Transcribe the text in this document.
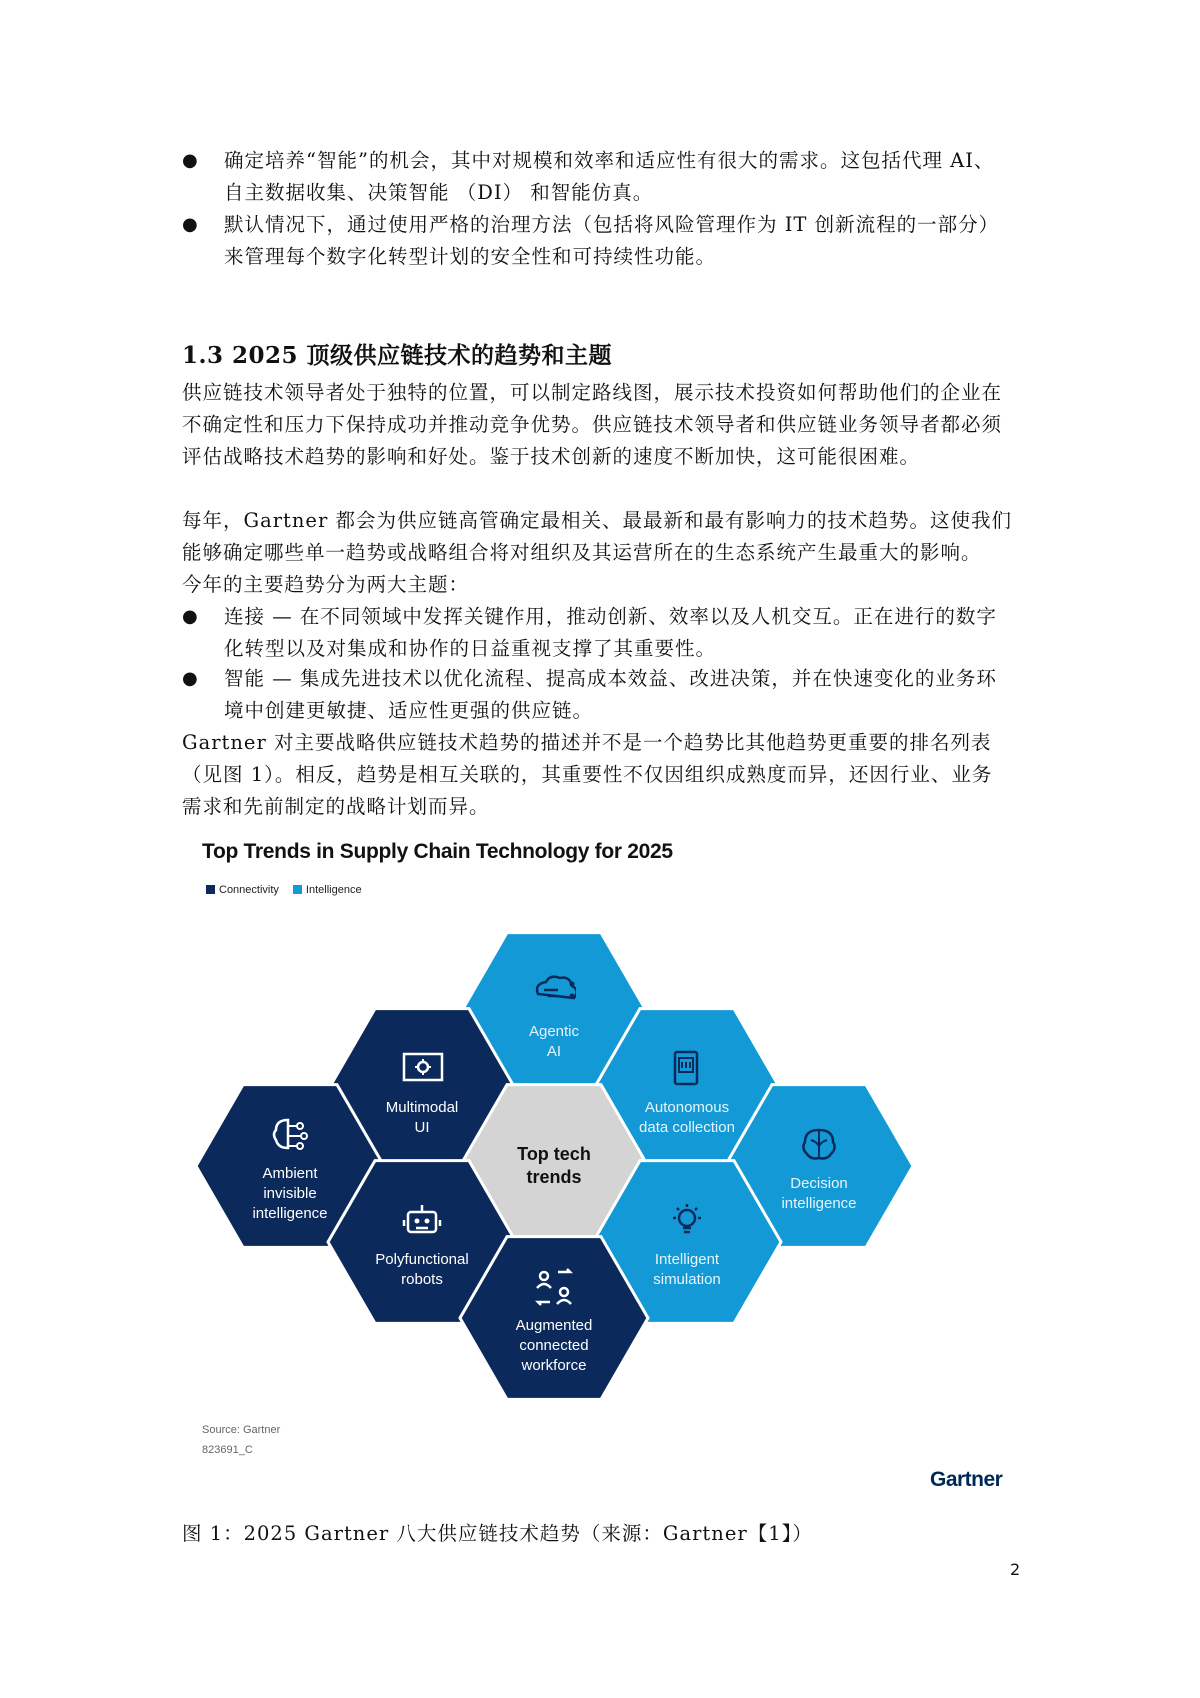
● 确定培养“智能”的机会，其中对规模和效率和适应性有很大的需求。这包括代理 AI、
自主数据收集、决策智能 （DI） 和智能仿真。
● 默认情况下，通过使用严格的治理方法（包括将风险管理作为 IT 创新流程的一部分）
来管理每个数字化转型计划的安全性和可持续性功能。
1.3 2025 顶级供应链技术的趋势和主题
供应链技术领导者处于独特的位置，可以制定路线图，展示技术投资如何帮助他们的企业在
不确定性和压力下保持成功并推动竞争优势。供应链技术领导者和供应链业务领导者都必须
评估战略技术趋势的影响和好处。鉴于技术创新的速度不断加快，这可能很困难。
每年，Gartner 都会为供应链高管确定最相关、最最新和最有影响力的技术趋势。这使我们
能够确定哪些单一趋势或战略组合将对组织及其运营所在的生态系统产生最重大的影响。
今年的主要趋势分为两大主题：
● 连接 — 在不同领域中发挥关键作用，推动创新、效率以及人机交互。正在进行的数字
化转型以及对集成和协作的日益重视支撑了其重要性。
● 智能 — 集成先进技术以优化流程、提高成本效益、改进决策，并在快速变化的业务环
境中创建更敏捷、适应性更强的供应链。
Gartner 对主要战略供应链技术趋势的描述并不是一个趋势比其他趋势更重要的排名列表
（见图 1）。相反，趋势是相互关联的，其重要性不仅因组织成熟度而异，还因行业、业务
需求和先前制定的战略计划而异。
Top Trends in Supply Chain Technology for 2025
Connectivity	Intelligence
Agentic
AI
Multimodal
UI
Autonomous
data collection
Ambient
invisible
intelligence
Top tech
trends	Decision
intelligence
Polyfunctional
robots
Intelligent
simulation
Augmented
connected
workforce
Source: Gartner
823691_C
Gartner
图 1：2025 Gartner 八大供应链技术趋势（来源：Gartner【1】）
2
